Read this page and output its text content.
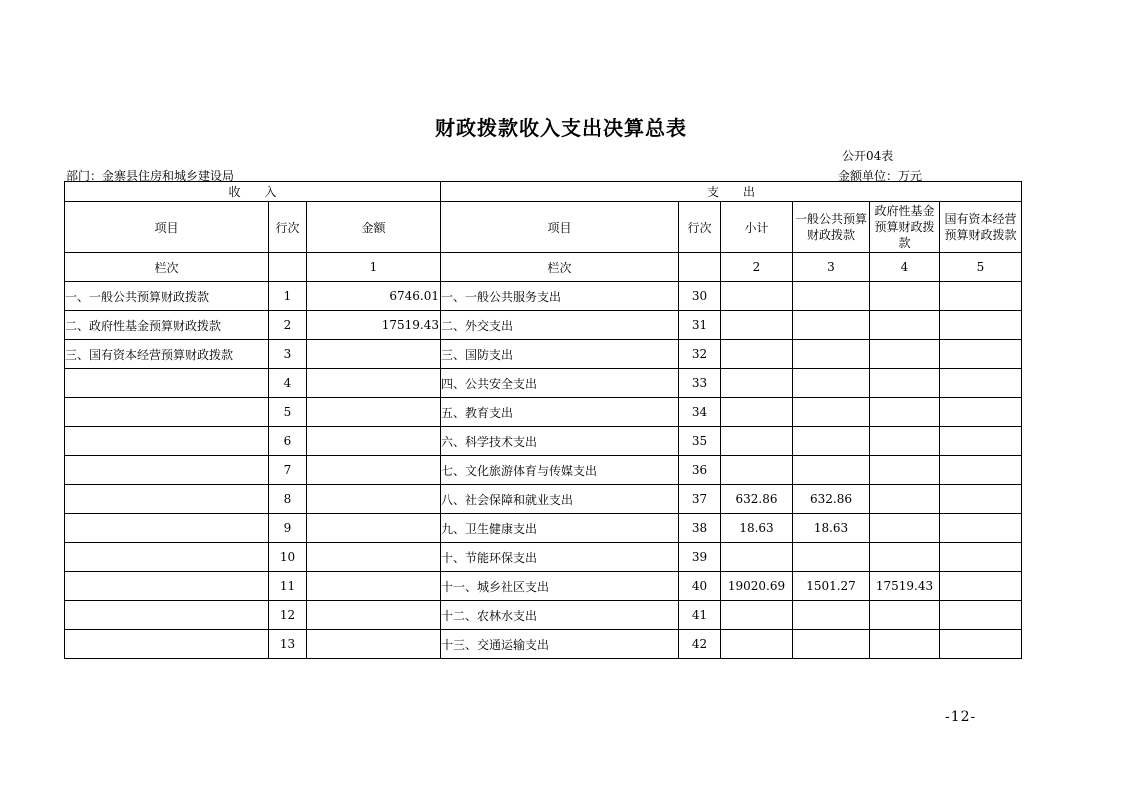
财政拨款收入支出决算总表
公开04表
部门：金寨县住房和城乡建设局	金额单位：万元
收　　入			支　　出					
项目	行次	金额	项目	行次	小计	一般公共预算财政拨款	政府性基金预算财政拨款	国有资本经营预算财政拨款
栏次		1	栏次		2	3	4	5
一、一般公共预算财政拨款	1	6746.01	一、一般公共服务支出	30				
二、政府性基金预算财政拨款	2	17519.43	二、外交支出	31				
三、国有资本经营预算财政拨款	3		三、国防支出	32				
	4		四、公共安全支出	33				
	5		五、教育支出	34				
	6		六、科学技术支出	35				
	7		七、文化旅游体育与传媒支出	36				
	8		八、社会保障和就业支出	37	632.86	632.86		
	9		九、卫生健康支出	38	18.63	18.63		
	10		十、节能环保支出	39				
	11		十一、城乡社区支出	40	19020.69	1501.27	17519.43	
	12		十二、农林水支出	41				
	13		十三、交通运输支出	42				
-12-
